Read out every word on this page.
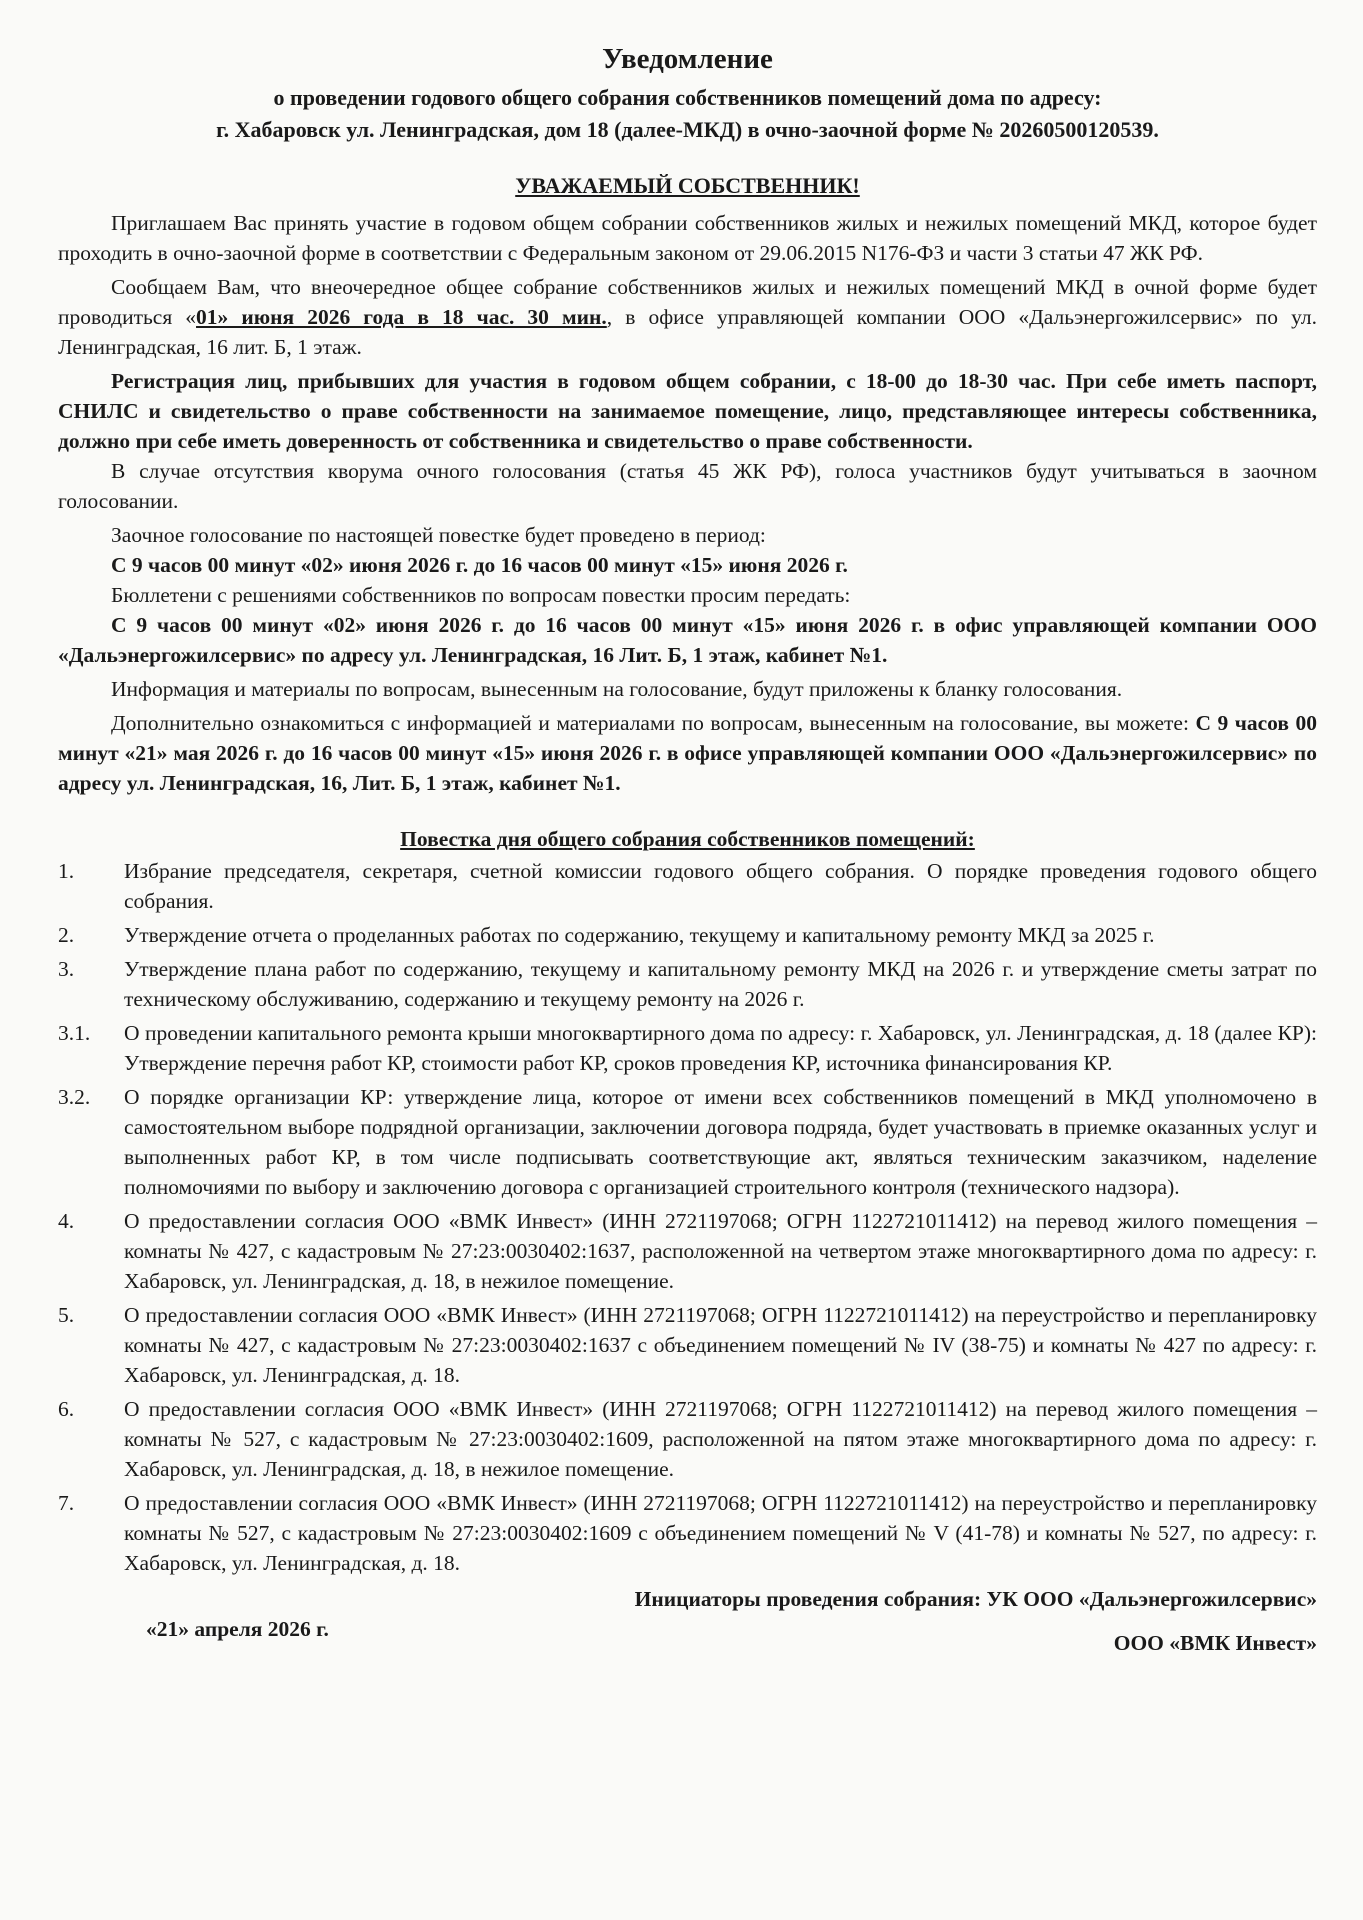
Уведомление
о проведении годового общего собрания собственников помещений дома по адресу:
г. Хабаровск ул. Ленинградская, дом 18 (далее-МКД) в очно-заочной форме № 20260500120539.
УВАЖАЕМЫЙ СОБСТВЕННИК!

Приглашаем Вас принять участие в годовом общем собрании собственников жилых и нежилых помещений МКД, которое будет проходить в очно-заочной форме в соответствии с Федеральным законом от 29.06.2015 N176-ФЗ и части 3 статьи 47 ЖК РФ.

Сообщаем Вам, что внеочередное общее собрание собственников жилых и нежилых помещений МКД в очной форме будет проводиться «01» июня 2026 года в 18 час. 30 мин., в офисе управляющей компании ООО «Дальэнергожилсервис» по ул. Ленинградская, 16 лит. Б, 1 этаж.

Регистрация лиц, прибывших для участия в годовом общем собрании, с 18-00 до 18-30 час. При себе иметь паспорт, СНИЛС и свидетельство о праве собственности на занимаемое помещение, лицо, представляющее интересы собственника, должно при себе иметь доверенность от собственника и свидетельство о праве собственности.

В случае отсутствия кворума очного голосования (статья 45 ЖК РФ), голоса участников будут учитываться в заочном голосовании.

Заочное голосование по настоящей повестке будет проведено в период:

С 9 часов 00 минут «02» июня 2026 г. до 16 часов 00 минут «15» июня 2026 г.

Бюллетени с решениями собственников по вопросам повестки просим передать:

С 9 часов 00 минут «02» июня 2026 г. до 16 часов 00 минут «15» июня 2026 г. в офис управляющей компании ООО «Дальэнергожилсервис» по адресу ул. Ленинградская, 16 Лит. Б, 1 этаж, кабинет №1.

Информация и материалы по вопросам, вынесенным на голосование, будут приложены к бланку голосования.

Дополнительно ознакомиться с информацией и материалами по вопросам, вынесенным на голосование, вы можете: С 9 часов 00 минут «21» мая 2026 г. до 16 часов 00 минут «15» июня 2026 г. в офисе управляющей компании ООО «Дальэнергожилсервис» по адресу ул. Ленинградская, 16, Лит. Б, 1 этаж, кабинет №1.

Повестка дня общего собрания собственников помещений:
1.	Избрание председателя, секретаря, счетной комиссии годового общего собрания. О порядке проведения годового общего собрания.
2.	Утверждение отчета о проделанных работах по содержанию, текущему и капитальному ремонту МКД за 2025 г.
3.	Утверждение плана работ по содержанию, текущему и капитальному ремонту МКД на 2026 г. и утверждение сметы затрат по техническому обслуживанию, содержанию и текущему ремонту на 2026 г.
3.1.	О проведении капитального ремонта крыши многоквартирного дома по адресу: г. Хабаровск, ул. Ленинградская, д. 18 (далее КР): Утверждение перечня работ КР, стоимости работ КР, сроков проведения КР, источника финансирования КР.
3.2.	О порядке организации КР: утверждение лица, которое от имени всех собственников помещений в МКД уполномочено в самостоятельном выборе подрядной организации, заключении договора подряда, будет участвовать в приемке оказанных услуг и выполненных работ КР, в том числе подписывать соответствующие акт, являться техническим заказчиком, наделение полномочиями по выбору и заключению договора с организацией строительного контроля (технического надзора).
4.	О предоставлении согласия ООО «ВМК Инвест» (ИНН 2721197068; ОГРН 1122721011412) на перевод жилого помещения – комнаты № 427, с кадастровым № 27:23:0030402:1637, расположенной на четвертом этаже многоквартирного дома по адресу: г. Хабаровск, ул. Ленинградская, д. 18, в нежилое помещение.
5.	О предоставлении согласия ООО «ВМК Инвест» (ИНН 2721197068; ОГРН 1122721011412) на переустройство и перепланировку комнаты № 427, с кадастровым № 27:23:0030402:1637 с объединением помещений № IV (38-75) и комнаты № 427 по адресу: г. Хабаровск, ул. Ленинградская, д. 18.
6.	О предоставлении согласия ООО «ВМК Инвест» (ИНН 2721197068; ОГРН 1122721011412) на перевод жилого помещения – комнаты № 527, с кадастровым № 27:23:0030402:1609, расположенной на пятом этаже многоквартирного дома по адресу: г. Хабаровск, ул. Ленинградская, д. 18, в нежилое помещение.
7.	О предоставлении согласия ООО «ВМК Инвест» (ИНН 2721197068; ОГРН 1122721011412) на переустройство и перепланировку комнаты № 527, с кадастровым № 27:23:0030402:1609 с объединением помещений № V (41-78) и комнаты № 527, по адресу: г. Хабаровск, ул. Ленинградская, д. 18.
Инициаторы проведения собрания: УК ООО «Дальэнергожилсервис»
«21» апреля 2026 г.
ООО «ВМК Инвест»
